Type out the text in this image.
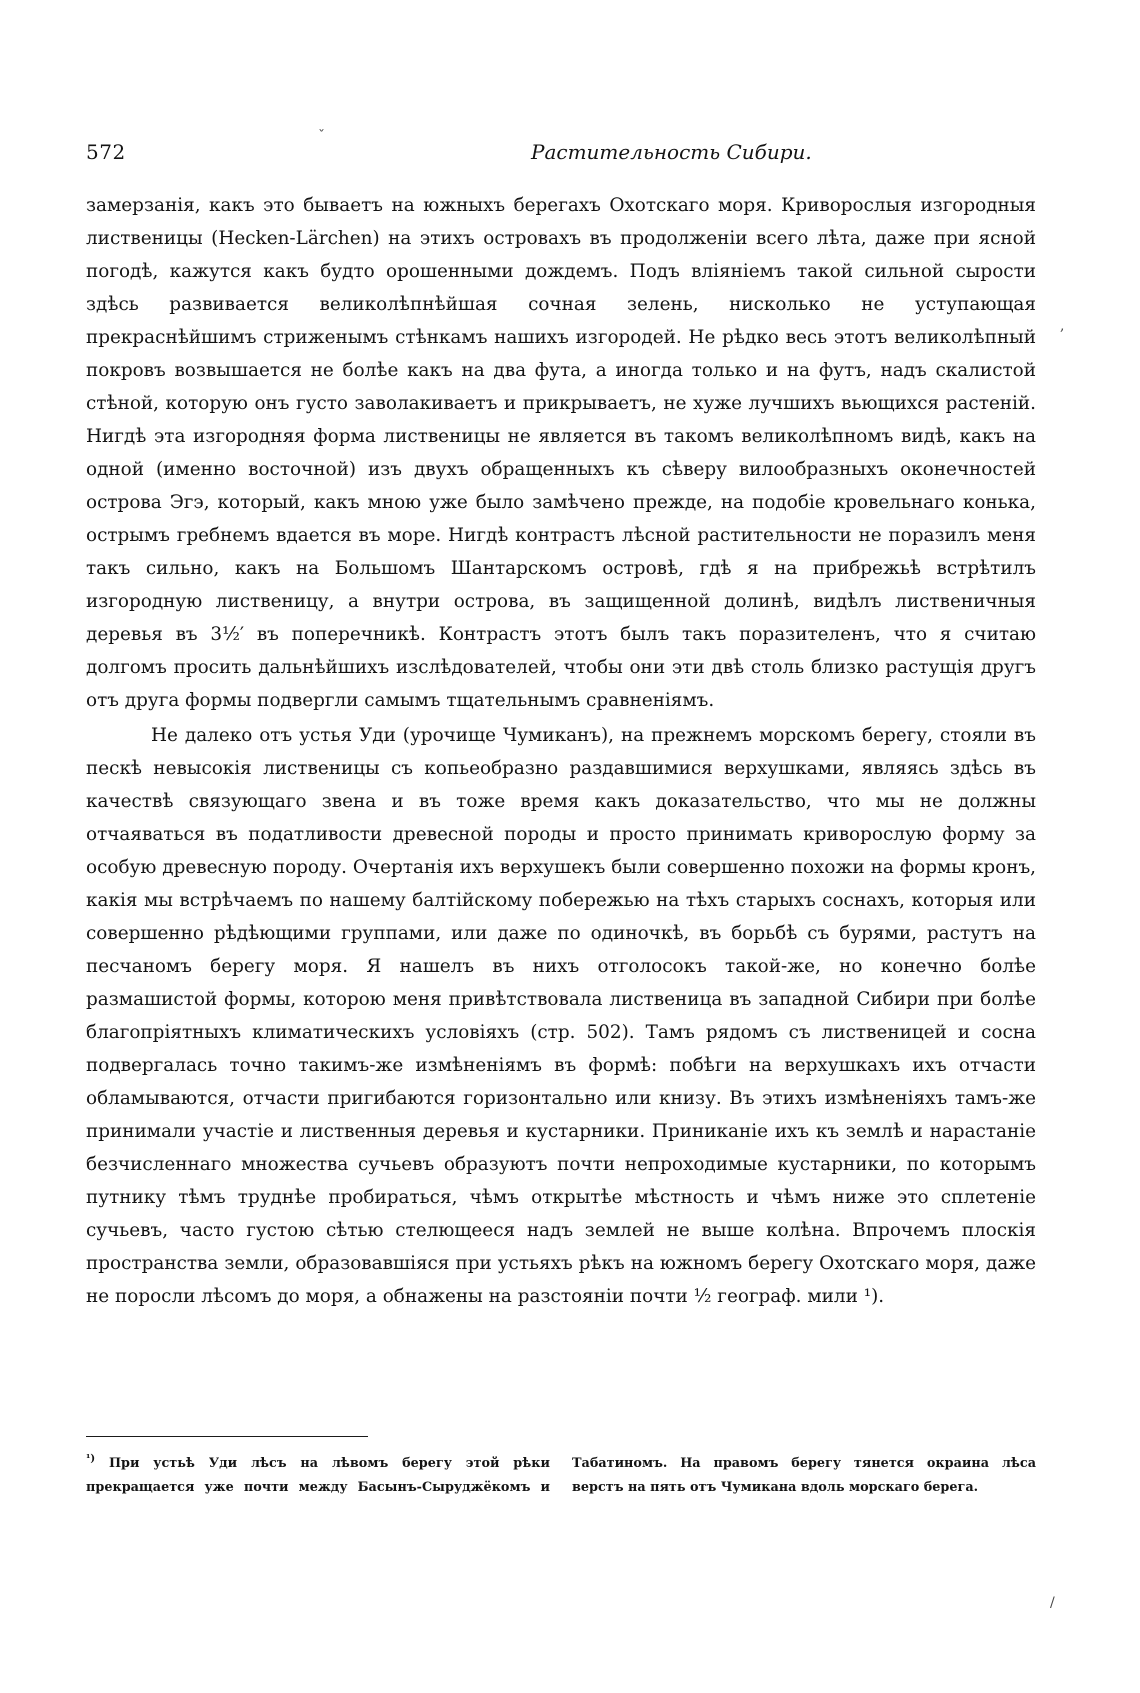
572	Растительность Сибири.

замерзанія, какъ это бываетъ на южныхъ берегахъ Охотскаго моря. Кривороcлыя изгородныя лиственицы (Hecken-Lärchen) на этихъ островахъ въ продолженіи всего лѣта, даже при ясной погодѣ, кажутся какъ будто орошенными дождемъ. Подъ вліяніемъ такой сильной сырости здѣсь развивается великолѣпнѣйшая сочная зелень, нисколько не уступающая прекраснѣйшимъ стриженымъ стѣнкамъ нашихъ изгородей. Не рѣдко весь этотъ великолѣпный покровъ возвышается не болѣе какъ на два фута, а иногда только и на футъ, надъ скалистой стѣной, которую онъ густо заволакиваетъ и прикрываетъ, не хуже лучшихъ вьющихся растеній. Нигдѣ эта изгородняя форма лиственицы не является въ такомъ великолѣпномъ видѣ, какъ на одной (именно восточной) изъ двухъ обращенныхъ къ сѣверу вилообразныхъ оконечностей острова Эгэ, который, какъ мною уже было замѣчено прежде, на подобіе кровельнаго конька, острымъ гребнемъ вдается въ море. Нигдѣ контрастъ лѣсной растительности не поразилъ меня такъ сильно, какъ на Большомъ Шантарскомъ островѣ, гдѣ я на прибрежьѣ встрѣтилъ изгородную лиственицу, а внутри острова, въ защищенной долинѣ, видѣлъ лиственичныя деревья въ 3½′ въ поперечникѣ. Контрастъ этотъ былъ такъ поразителенъ, что я считаю долгомъ просить дальнѣйшихъ изслѣдователей, чтобы они эти двѣ столь близко растущія другъ отъ друга формы подвергли самымъ тщательнымъ сравненіямъ.

Не далеко отъ устья Уди (урочище Чумиканъ), на прежнемъ морскомъ берегу, стояли въ пескѣ невысокія лиственицы съ копьеобразно раздавшимися верхушками, являясь здѣсь въ качествѣ связующаго звена и въ тоже время какъ доказательство, что мы не должны отчаяваться въ податливости древесной породы и просто принимать кривороcлую форму за особую древесную породу. Очертанія ихъ верхушекъ были совершенно похожи на формы кронъ, какія мы встрѣчаемъ по нашему балтійскому побережью на тѣхъ старыхъ соснахъ, которыя или совершенно рѣдѣющими группами, или даже по одиночкѣ, въ борьбѣ съ бурями, растутъ на песчаномъ берегу моря. Я нашелъ въ нихъ отголосокъ такой-же, но конечно болѣе размашистой формы, которою меня привѣтствовала лиственица въ западной Сибири при болѣе благопріятныхъ климатическихъ условіяхъ (стр. 502). Тамъ рядомъ съ лиственицей и сосна подвергалась точно такимъ-же измѣненіямъ въ формѣ: побѣги на верхушкахъ ихъ отчасти обламываются, отчасти пригибаются горизонтально или книзу. Въ этихъ измѣненіяхъ тамъ-же принимали участіе и лиственныя деревья и кустарники. Приниканіе ихъ къ землѣ и нарастаніе безчисленнаго множества сучьевъ образуютъ почти непроходимые кустарники, по которымъ путнику тѣмъ труднѣе пробираться, чѣмъ открытѣе мѣстность и чѣмъ ниже это сплетеніе сучьевъ, часто густою сѣтью стелющееся надъ землей не выше колѣна. Впрочемъ плоскія пространства земли, образовавшіяся при устьяхъ рѣкъ на южномъ берегу Охотскаго моря, даже не поросли лѣсомъ до моря, а обнажены на разстояніи почти ½ географ. мили ¹).

$^{^1)}$ При устьѣ Уди лѣсъ на лѣвомъ берегу этой рѣки прекращается уже почти между Басынъ-Сыруджёкомъ и Табатиномъ. На правомъ берегу тянется окраина лѣса верстъ на пять отъ Чумикана вдоль морскаго берега.
ˇ
,
/
